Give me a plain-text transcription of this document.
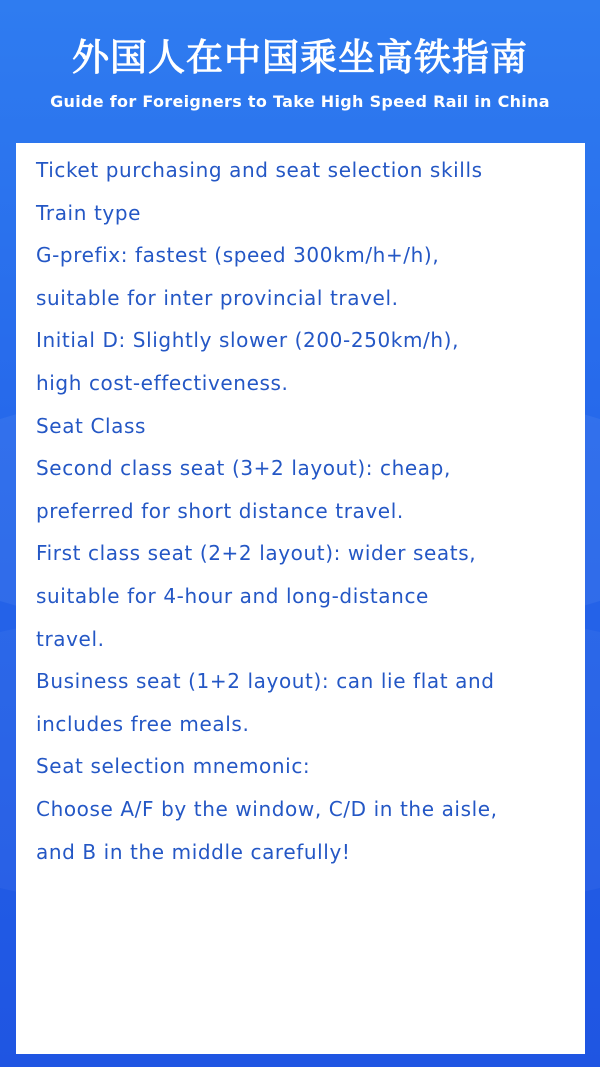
外国人在中国乘坐高铁指南
Guide for Foreigners to Take High Speed Rail in China
Ticket purchasing and seat selection skills
Train type
G-prefix: fastest (speed 300km/h+/h),
suitable for inter provincial travel.
Initial D: Slightly slower (200-250km/h),
high cost-effectiveness.
Seat Class
Second class seat (3+2 layout): cheap,
preferred for short distance travel.
First class seat (2+2 layout): wider seats,
suitable for 4-hour and long-distance
travel.
Business seat (1+2 layout): can lie flat and
includes free meals.
Seat selection mnemonic:
Choose A/F by the window, C/D in the aisle,
and B in the middle carefully!
